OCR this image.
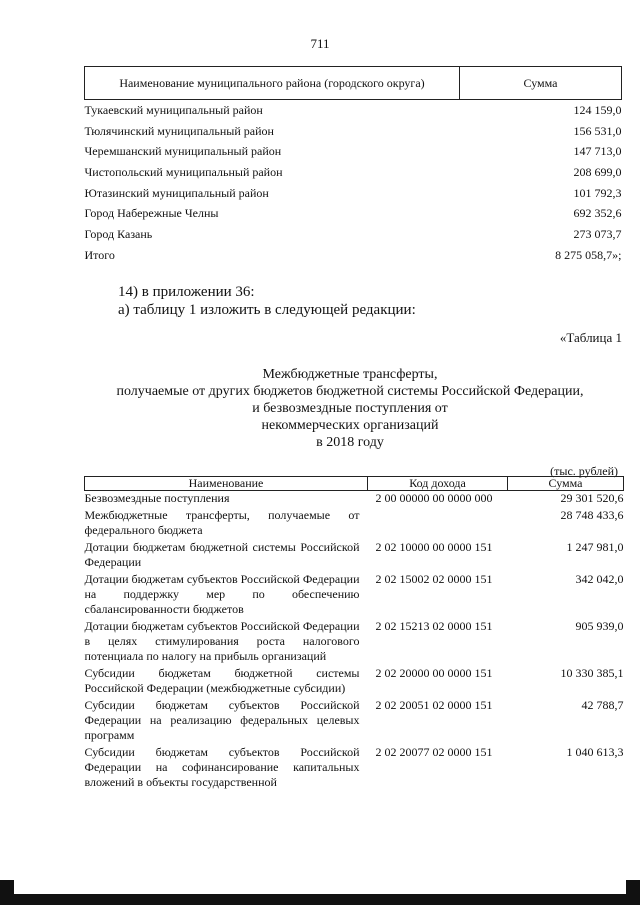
711
Наименование муниципального района (городского округа)	Сумма
Тукаевский муниципальный район	124 159,0
Тюлячинский муниципальный район	156 531,0
Черемшанский муниципальный район	147 713,0
Чистопольский муниципальный район	208 699,0
Ютазинский муниципальный район	101 792,3
Город Набережные Челны	692 352,6
Город Казань	273 073,7
Итого	8 275 058,7»;
14) в приложении 36:
а) таблицу 1 изложить в следующей редакции:
«Таблица 1
Межбюджетные трансферты,
получаемые от других бюджетов бюджетной системы Российской Федерации,
и безвозмездные поступления от
некоммерческих организаций
в 2018 году
(тыс. рублей)
Наименование	Код дохода	Сумма
Безвозмездные поступления	2 00 00000 00 0000 000	29 301 520,6
Межбюджетные трансферты, получаемые от федерального бюджета		28 748 433,6
Дотации бюджетам бюджетной системы Российской Федерации	2 02 10000 00 0000 151	1 247 981,0
Дотации бюджетам субъектов Российской Федерации на поддержку мер по обеспечению сбалансированности бюджетов	2 02 15002 02 0000 151	342 042,0
Дотации бюджетам субъектов Российской Федерации в целях стимулирования роста налогового потенциала по налогу на прибыль организаций	2 02 15213 02 0000 151	905 939,0
Субсидии бюджетам бюджетной системы Российской Федерации (межбюджетные субсидии)	2 02 20000 00 0000 151	10 330 385,1
Субсидии бюджетам субъектов Российской Федерации на реализацию федеральных целевых программ	2 02 20051 02 0000 151	42 788,7
Субсидии бюджетам субъектов Российской Федерации на софинансирование капитальных вложений в объекты государственной	2 02 20077 02 0000 151	1 040 613,3
